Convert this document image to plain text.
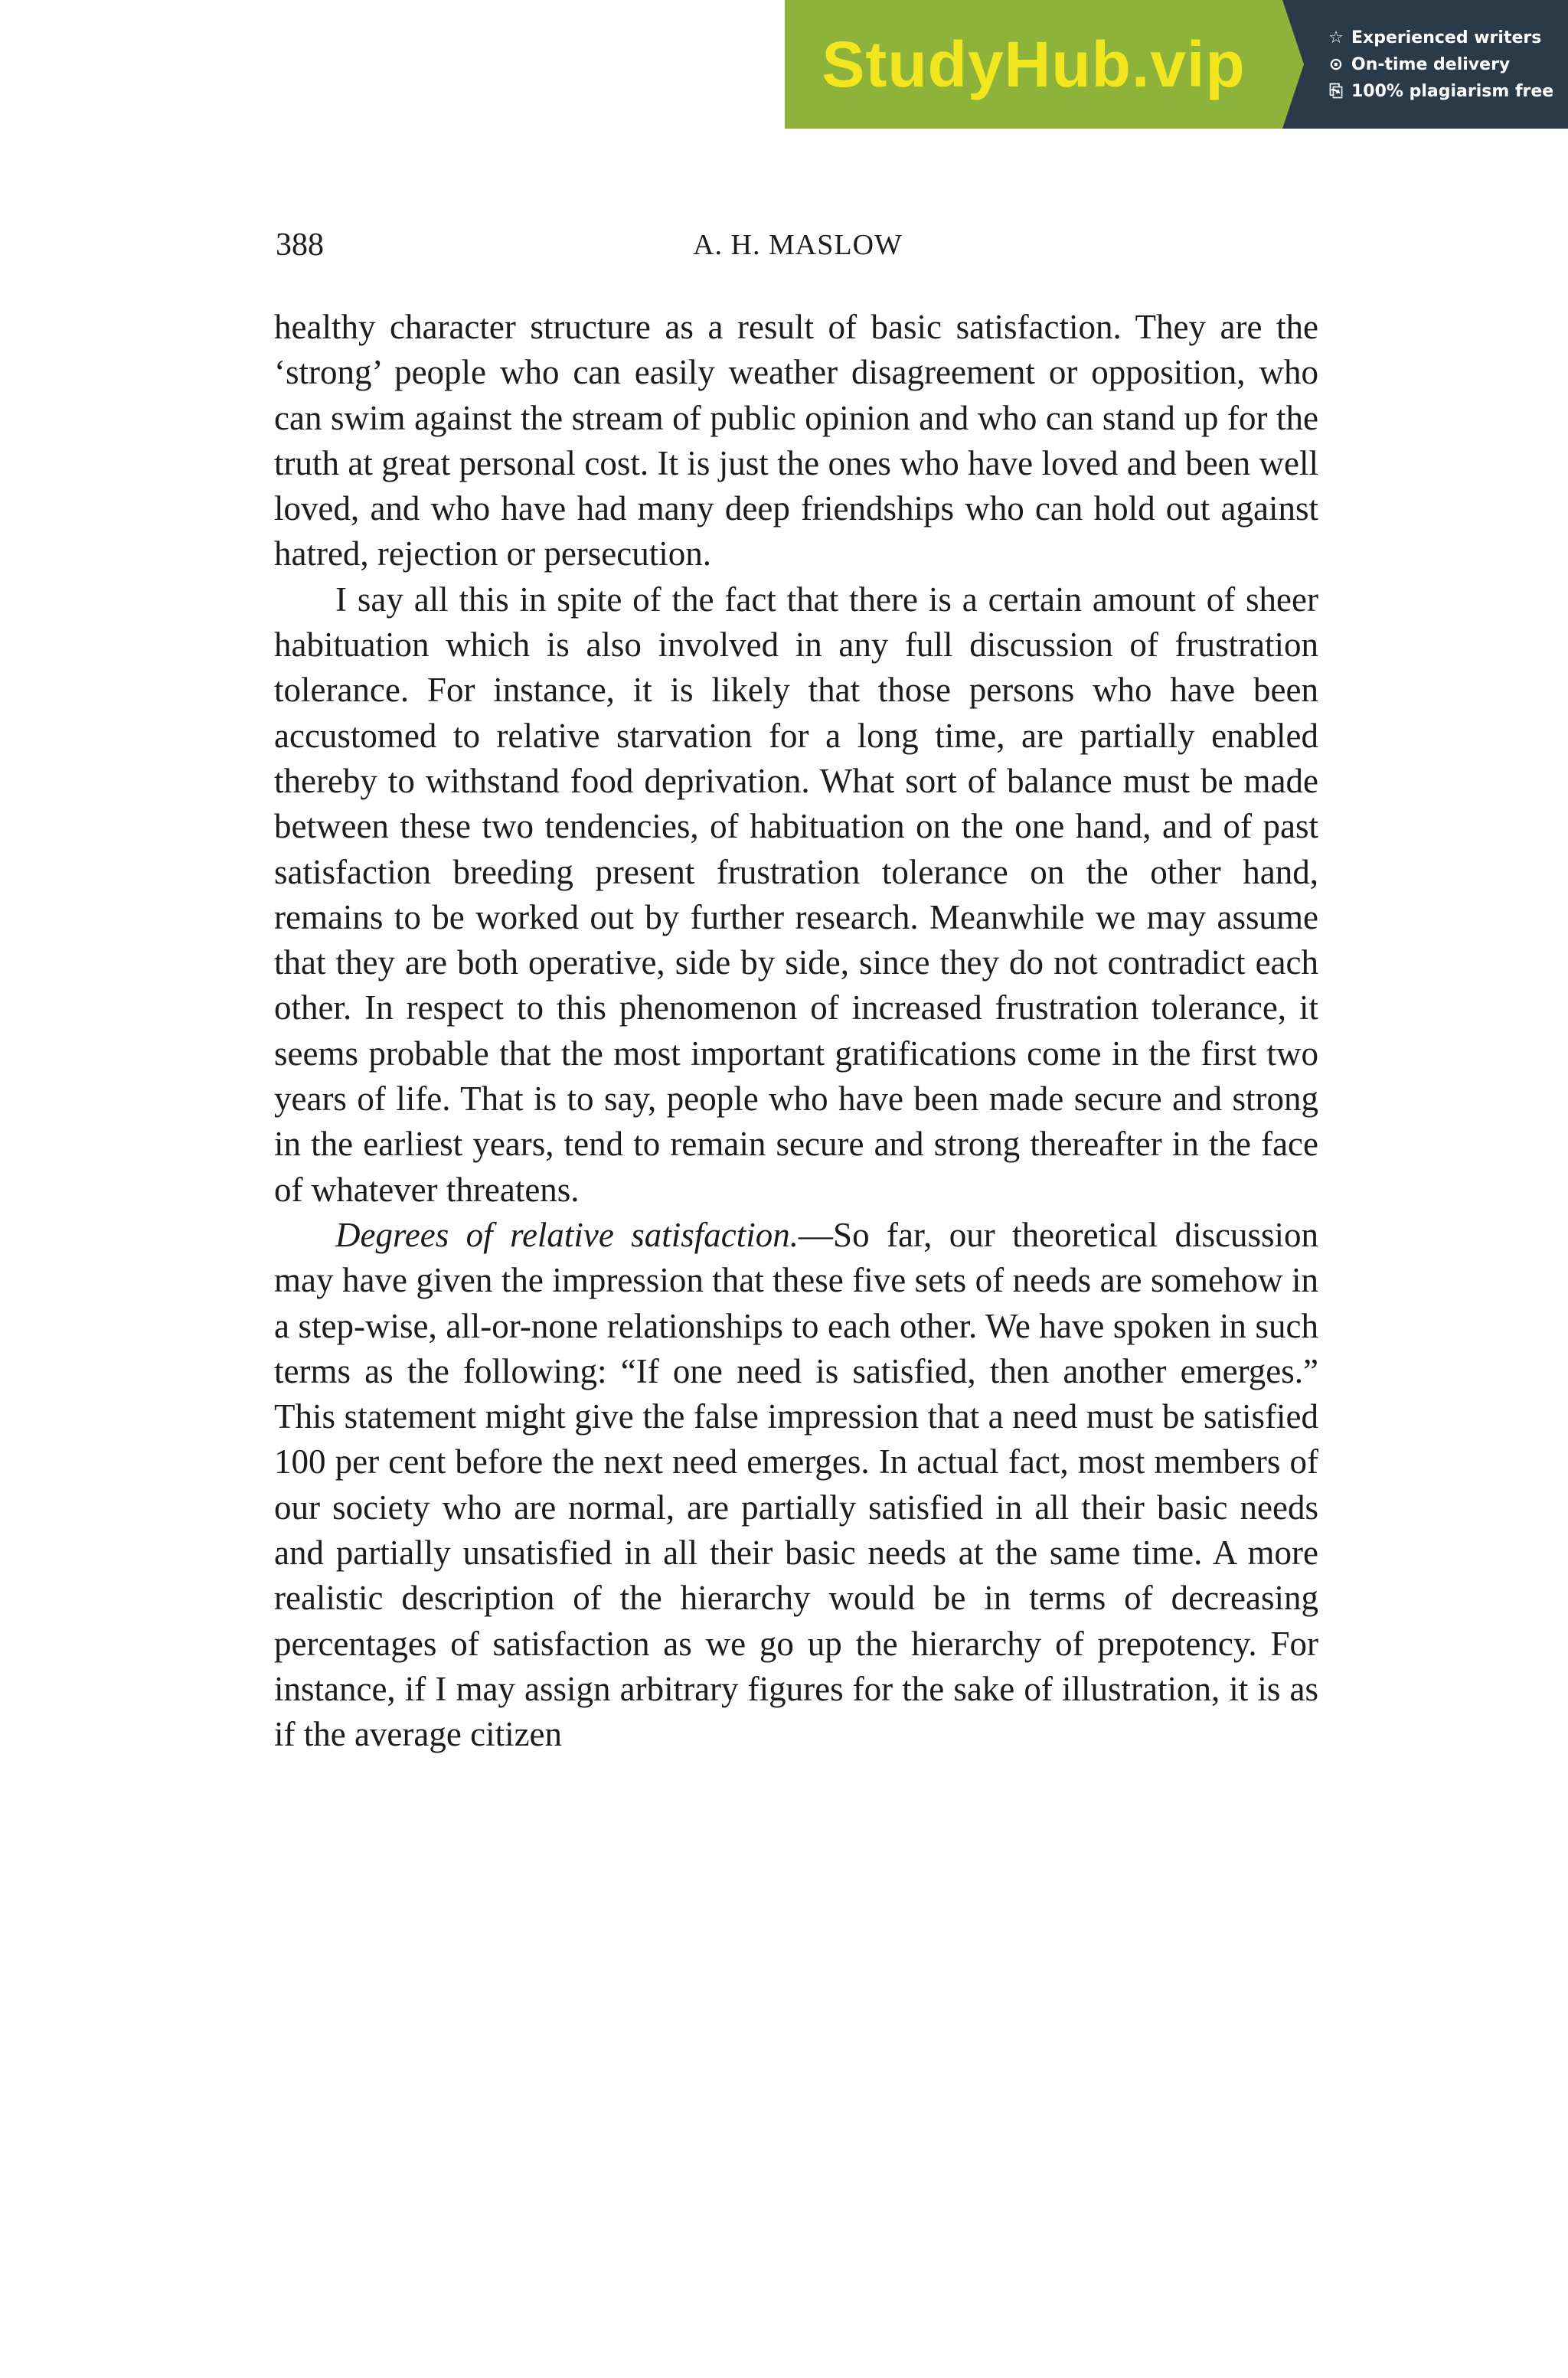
StudyHub.vip	☆ Experienced writers
⊙ On-time delivery
⎘ 100% plagiarism free
388	A. H. MASLOW

healthy character structure as a result of basic satisfaction. They are the ‘strong’ people who can easily weather disagreement or opposition, who can swim against the stream of public opinion and who can stand up for the truth at great personal cost. It is just the ones who have loved and been well loved, and who have had many deep friendships who can hold out against hatred, rejection or persecution.

I say all this in spite of the fact that there is a certain amount of sheer habituation which is also involved in any full discussion of frustration tolerance. For instance, it is likely that those persons who have been accustomed to relative starvation for a long time, are partially enabled thereby to withstand food deprivation. What sort of balance must be made between these two tendencies, of habituation on the one hand, and of past satisfaction breeding present frustration tolerance on the other hand, remains to be worked out by further research. Meanwhile we may assume that they are both operative, side by side, since they do not contradict each other. In respect to this phenomenon of increased frustration tolerance, it seems probable that the most important gratifications come in the first two years of life. That is to say, people who have been made secure and strong in the earliest years, tend to remain secure and strong thereafter in the face of whatever threatens.

Degrees of relative satisfaction.—So far, our theoretical discussion may have given the impression that these five sets of needs are somehow in a step-wise, all-or-none relationships to each other. We have spoken in such terms as the following: “If one need is satisfied, then another emerges.” This statement might give the false impression that a need must be satisfied 100 per cent before the next need emerges. In actual fact, most members of our society who are normal, are partially satisfied in all their basic needs and partially unsatisfied in all their basic needs at the same time. A more realistic description of the hierarchy would be in terms of decreasing percentages of satisfaction as we go up the hierarchy of prepotency. For instance, if I may assign arbitrary figures for the sake of illustration, it is as if the average citizen
